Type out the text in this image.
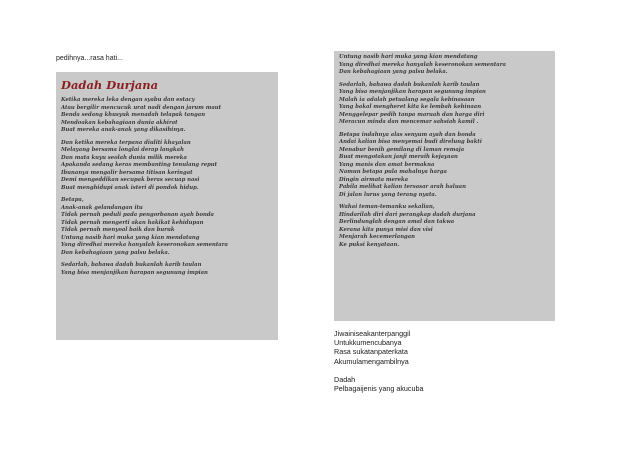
pedihnya...rasa hati...
Dadah Durjana
Ketika mereka leka dengan syabu dan estacy
Atau bergilir mencucuk urat nadi dengan jarum maut
Benda sedang khusyuk menadah telapak tangan
Mendoakan kebahagiaan dunia akhirat
Buat mereka anak-anak yang dikasihinya.
Dan ketika mereka terpana diuliti khayalan
Melayang bersama longlai derap langkah
Dan mata kuyu seolah dunia milik mereka
Apakanda sedang keras membanting tenulang reput
Ibunanya mengalir bersama titisan keringat
Demi mengeddikan secupak beras secuap nasi
Buat menghidupi anak isteri di pondok hidup.
Betapa,
Anak-anak gelandangan itu
Tidak pernah peduli pada pengorbanan ayah bonda
Tidak pernah mengerti akan hakikat kehidupan
Tidak pernah menyoal baik dan buruk
Untung nasib hari muka yang kian mendatang
Yang diredhai mereka hanyalah keseronokan sementara
Dan kebahagiaan yang palsu belaka.
Sedarlah, bahawa dadah bukanlah karib taulan
Yang bisa menjanjikan harapan segunung impian
Untung nasib hari muka yang kian mendatang
Yang diredhai mereka hanyalah keseronokan sementara
Dan kebahagiaan yang palsu belaka.
Sedarlah, bahawa dadah bukanlah karib taulan
Yang bisa menjanjikan harapan segunung impian
Malah ia adalah petualang segala kebinasaan
Yang bakal mengheret kita ke lembah kehinaan
Menggelepar pedih tanpa maruah dan harga diri
Meracun minda dan mencemar sahsiah kamil .
Betapa indahnya alas senyum ayah dan bonda
Andai kalian bisa menyemai budi direlung bakti
Menabur benih gemilang di laman remaja
Buat mengotakan janji meraih kejayaan
Yang manis dan amat bermakna
Namun betapa pula mahalnya harga
Dingin airmata mereka
Pabila melihat kalian tersasar arah haluan
Di jalan lurus yang terang nyata.
Wahai teman-temanku sekalian,
Hindarilah diri dari perangkap dadah durjana
Berlindunglah dengan amal dan takwa
Kerana kita punya misi dan visi
Menjarah kecemerlangan
Ke puksi kenyataan.
Jiwainiseakanterpanggil
Untukkumencubanya
Rasa sukatanpaterkata
Akumulamengambilnya
Dadah
Pelbagaijenis yang akucuba
